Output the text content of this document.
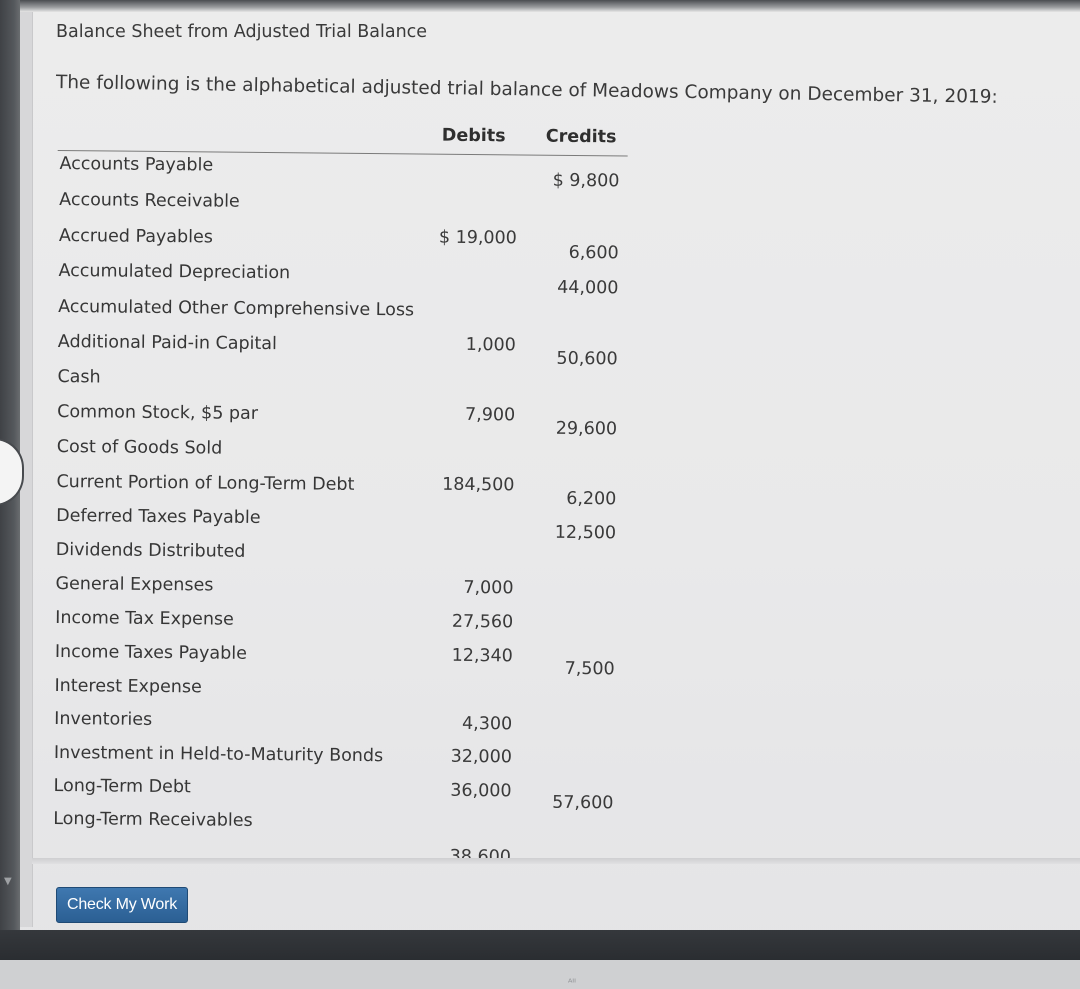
▼
Balance Sheet from Adjusted Trial Balance
The following is the alphabetical adjusted trial balance of Meadows Company on December 31, 2019:
Debits Credits
Accounts Payable
$ 9,800
Accounts Receivable
$ 19,000
Accrued Payables
6,600
Accumulated Depreciation
44,000
Accumulated Other Comprehensive Loss
1,000
Additional Paid-in Capital
50,600
Cash
7,900
Common Stock, $5 par
29,600
Cost of Goods Sold
184,500
Current Portion of Long-Term Debt
6,200
Deferred Taxes Payable
12,500
Dividends Distributed
7,000
General Expenses
27,560
Income Tax Expense
12,340
Income Taxes Payable
7,500
Interest Expense
4,300
Inventories
32,000
Investment in Held-to-Maturity Bonds
36,000
Long-Term Debt
57,600
Long-Term Receivables
Check My Work
ᴬᴵᴵ
